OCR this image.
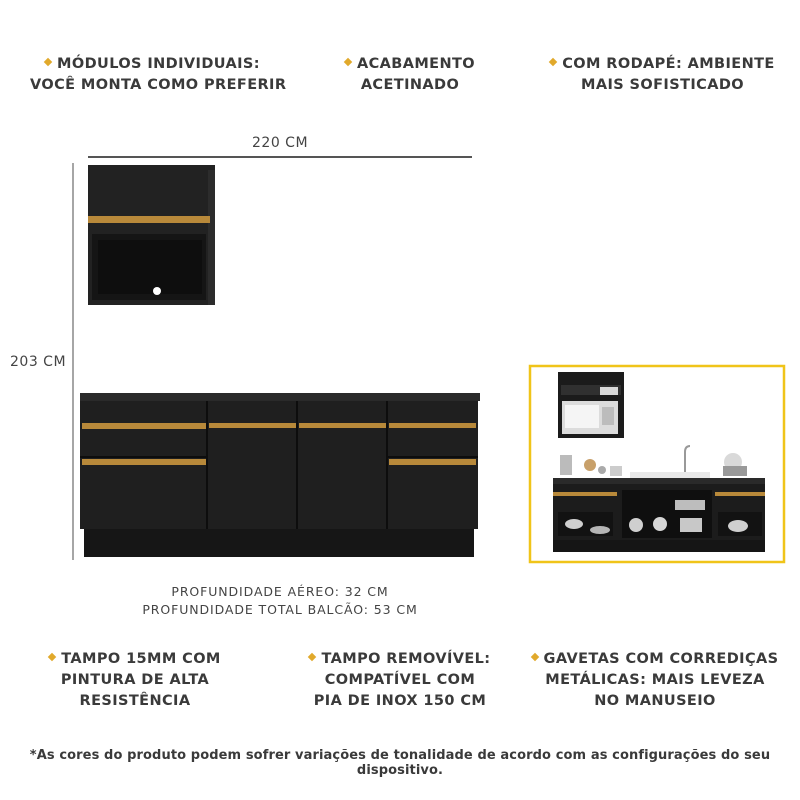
MÓDULOS INDIVIDUAIS:
VOCÊ MONTA COMO PREFERIR
ACABAMENTO
ACETINADO
COM RODAPÉ: AMBIENTE
MAIS SOFISTICADO
220 CM
203 CM
PROFUNDIDADE AÉREO: 32 CM
PROFUNDIDADE TOTAL BALCÃO: 53 CM
TAMPO 15MM COM
PINTURA DE ALTA
RESISTÊNCIA
TAMPO REMOVÍVEL:
COMPATÍVEL COM
PIA DE INOX 150 CM
GAVETAS COM CORREDIÇAS
METÁLICAS: MAIS LEVEZA
NO MANUSEIO
*As cores do produto podem sofrer variações de tonalidade de acordo com as configurações do seu dispositivo.
